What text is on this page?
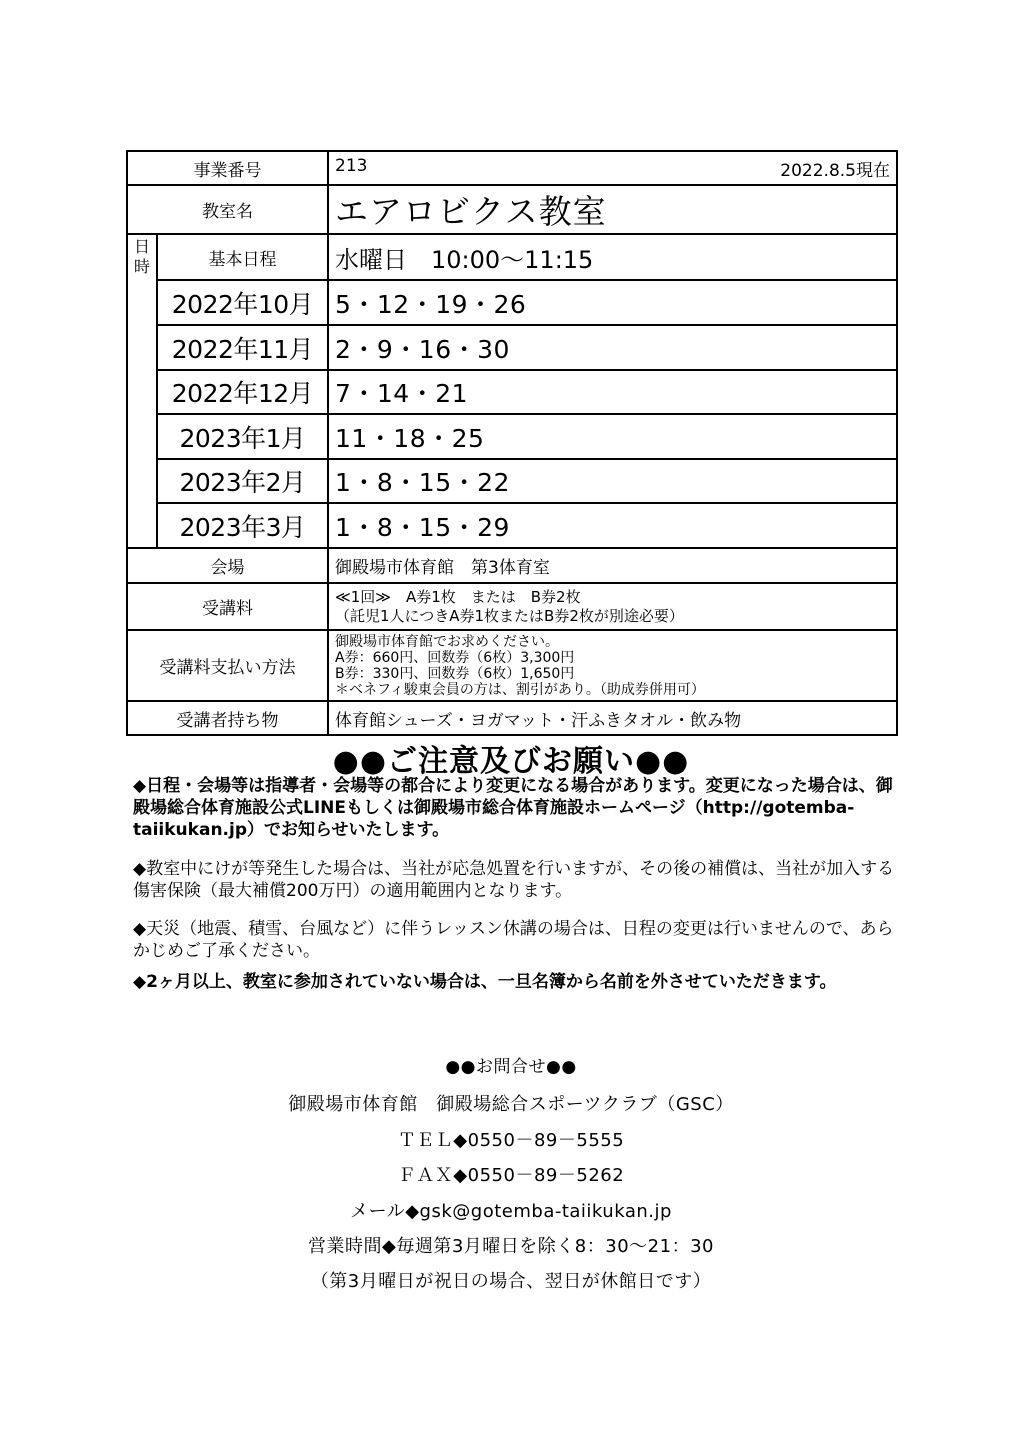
事業番号		213 2022.8.5現在

教室名		エアロビクス教室
日
時	基本日程	水曜日　10:00～11:15
	2022年10月	5・12・19・26
	2022年11月	2・9・16・30
	2022年12月	7・14・21
	2023年1月	11・18・25
	2023年2月	1・8・15・22
	2023年3月	1・8・15・29
会場		御殿場市体育館　第3体育室
受講料		≪1回≫　A券1枚　または　B券2枚
（託児1人につきA券1枚またはB券2枚が別途必要）

受講料支払い方法		御殿場市体育館でお求めください。
A券：660円、回数券（6枚）3,300円
B券：330円、回数券（6枚）1,650円
＊ベネフィ駿東会員の方は、割引があり。（助成券併用可）

受講者持ち物		体育館シューズ・ヨガマット・汗ふきタオル・飲み物
●●ご注意及びお願い●●

◆日程・会場等は指導者・会場等の都合により変更になる場合があります。変更になった場合は、御殿場総合体育施設公式LINEもしくは御殿場市総合体育施設ホームページ（http://gotemba-taiikukan.jp）でお知らせいたします。

◆教室中にけが等発生した場合は、当社が応急処置を行いますが、その後の補償は、当社が加入する傷害保険（最大補償200万円）の適用範囲内となります。

◆天災（地震、積雪、台風など）に伴うレッスン休講の場合は、日程の変更は行いませんので、あらかじめご了承ください。

◆2ヶ月以上、教室に参加されていない場合は、一旦名簿から名前を外させていただきます。

●●お問合せ●●
御殿場市体育館　御殿場総合スポーツクラブ（GSC）
ＴＥＬ◆0550－89－5555
ＦＡＸ◆0550－89－5262
メール◆gsk@gotemba-taiikukan.jp
営業時間◆毎週第3月曜日を除く8：30～21：30
（第3月曜日が祝日の場合、翌日が休館日です）
